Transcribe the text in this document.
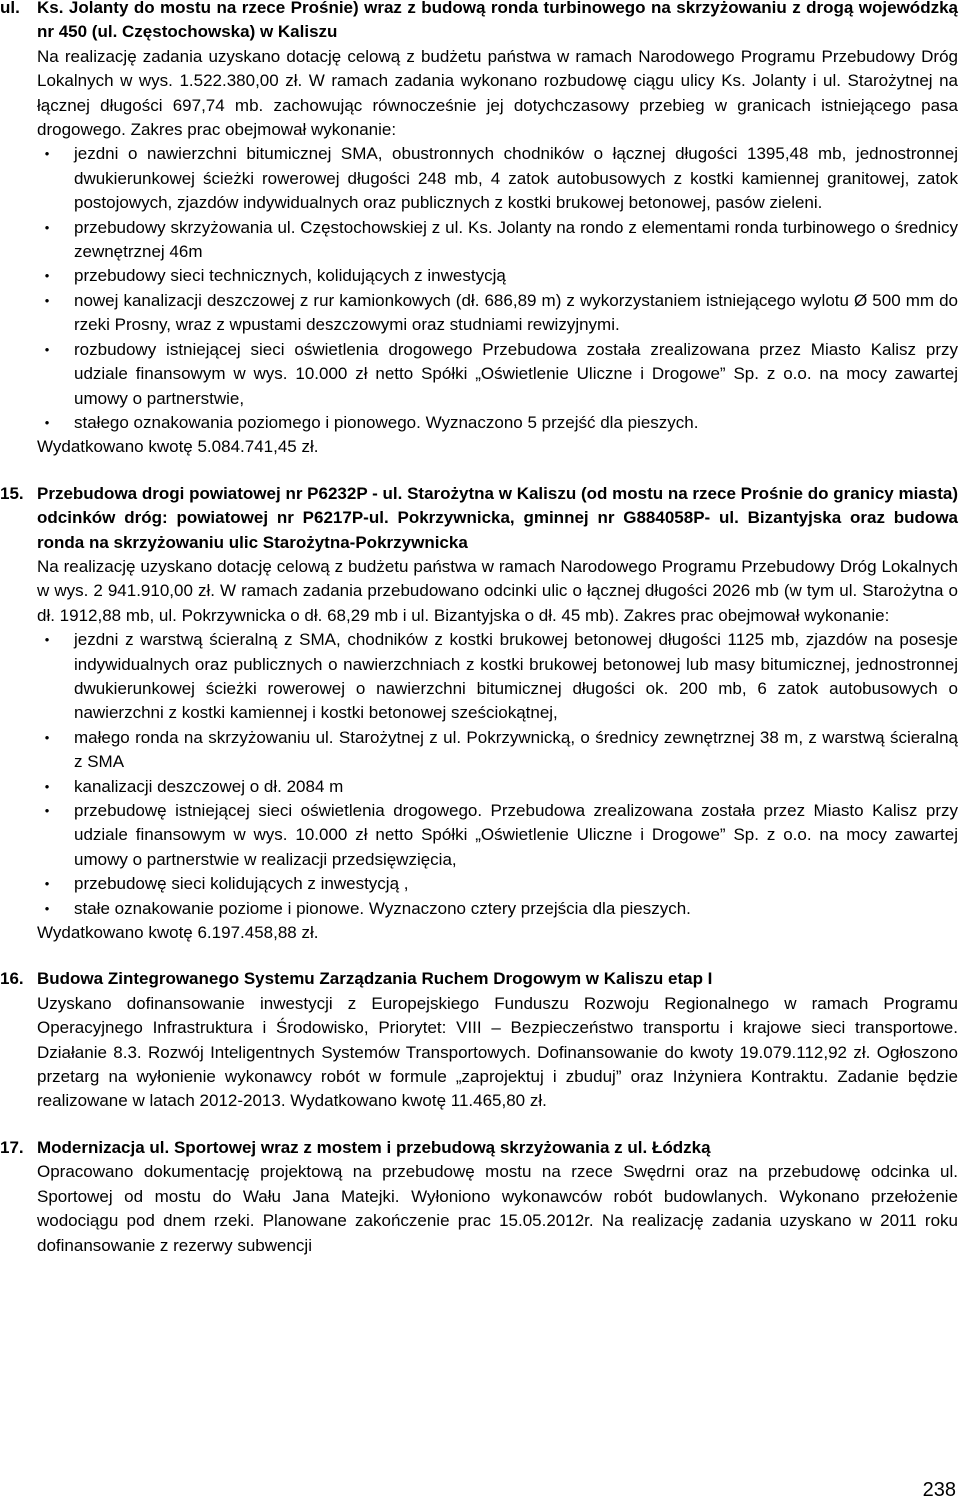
ul. Ks. Jolanty do mostu na rzece Prośnie) wraz z budową ronda turbinowego na skrzyżowaniu z drogą wojewódzką nr 450 (ul. Częstochowska) w Kaliszu

Na realizację zadania uzyskano dotację celową z budżetu państwa w ramach Narodowego Programu Przebudowy Dróg Lokalnych w wys. 1.522.380,00 zł. W ramach zadania wykonano rozbudowę ciągu ulicy Ks. Jolanty i ul. Starożytnej na łącznej długości 697,74 mb. zachowując równocześnie jej dotychczasowy przebieg w granicach istniejącego pasa drogowego. Zakres prac obejmował wykonanie:

•	jezdni o nawierzchni bitumicznej SMA, obustronnych chodników o łącznej długości 1395,48 mb, jednostronnej dwukierunkowej ścieżki rowerowej długości 248 mb, 4 zatok autobusowych z kostki kamiennej granitowej, zatok postojowych, zjazdów indywidualnych oraz publicznych z kostki brukowej betonowej, pasów zieleni.
•	przebudowy skrzyżowania ul. Częstochowskiej z ul. Ks. Jolanty na rondo z elementami ronda turbinowego o średnicy zewnętrznej 46m
•	przebudowy sieci technicznych, kolidujących z inwestycją
•	nowej kanalizacji deszczowej z rur kamionkowych (dł. 686,89 m) z wykorzystaniem istniejącego wylotu Ø 500 mm do rzeki Prosny, wraz z wpustami deszczowymi oraz studniami rewizyjnymi.
•	rozbudowy istniejącej sieci oświetlenia drogowego Przebudowa została zrealizowana przez Miasto Kalisz przy udziale finansowym w wys. 10.000 zł netto Spółki „Oświetlenie Uliczne i Drogowe” Sp. z o.o. na mocy zawartej umowy o partnerstwie,
•	stałego oznakowania poziomego i pionowego. Wyznaczono 5 przejść dla pieszych.

Wydatkowano kwotę 5.084.741,45 zł.

15. Przebudowa drogi powiatowej nr P6232P - ul. Starożytna w Kaliszu (od mostu na rzece Prośnie do granicy miasta) odcinków dróg: powiatowej nr P6217P-ul. Pokrzywnicka, gminnej nr G884058P- ul. Bizantyjska oraz budowa ronda na skrzyżowaniu ulic Starożytna-Pokrzywnicka

Na realizację uzyskano dotację celową z budżetu państwa w ramach Narodowego Programu Przebudowy Dróg Lokalnych w wys. 2 941.910,00 zł. W ramach zadania przebudowano odcinki ulic o łącznej długości 2026 mb (w tym ul. Starożytna o dł. 1912,88 mb, ul. Pokrzywnicka o dł. 68,29 mb i ul. Bizantyjska o dł. 45 mb). Zakres prac obejmował wykonanie:

•	jezdni z warstwą ścieralną z SMA, chodników z kostki brukowej betonowej długości 1125 mb, zjazdów na posesje indywidualnych oraz publicznych o nawierzchniach z kostki brukowej betonowej lub masy bitumicznej, jednostronnej dwukierunkowej ścieżki rowerowej o nawierzchni bitumicznej długości ok. 200 mb, 6 zatok autobusowych o nawierzchni z kostki kamiennej i kostki betonowej sześciokątnej,
•	małego ronda na skrzyżowaniu ul. Starożytnej z ul. Pokrzywnicką, o średnicy zewnętrznej 38 m, z warstwą ścieralną z SMA
•	kanalizacji deszczowej o dł. 2084 m
•	przebudowę istniejącej sieci oświetlenia drogowego. Przebudowa zrealizowana została przez Miasto Kalisz przy udziale finansowym w wys. 10.000 zł netto Spółki „Oświetlenie Uliczne i Drogowe” Sp. z o.o. na mocy zawartej umowy o partnerstwie w realizacji przedsięwzięcia,
•	przebudowę sieci kolidujących z inwestycją ,
•	stałe oznakowanie poziome i pionowe. Wyznaczono cztery przejścia dla pieszych.

Wydatkowano kwotę 6.197.458,88 zł.

16. Budowa Zintegrowanego Systemu Zarządzania Ruchem Drogowym w Kaliszu etap I

Uzyskano dofinansowanie inwestycji z Europejskiego Funduszu Rozwoju Regionalnego w ramach Programu Operacyjnego Infrastruktura i Środowisko, Priorytet: VIII – Bezpieczeństwo transportu i krajowe sieci transportowe. Działanie 8.3. Rozwój Inteligentnych Systemów Transportowych. Dofinansowanie do kwoty 19.079.112,92 zł. Ogłoszono przetarg na wyłonienie wykonawcy robót w formule „zaprojektuj i zbuduj” oraz Inżyniera Kontraktu. Zadanie będzie realizowane w latach 2012-2013. Wydatkowano kwotę 11.465,80 zł.

17. Modernizacja ul. Sportowej wraz z mostem i przebudową skrzyżowania z ul. Łódzką

Opracowano dokumentację projektową na przebudowę mostu na rzece Swędrni oraz na przebudowę odcinka ul. Sportowej od mostu do Wału Jana Matejki. Wyłoniono wykonawców robót budowlanych. Wykonano przełożenie wodociągu pod dnem rzeki. Planowane zakończenie prac 15.05.2012r. Na realizację zadania uzyskano w 2011 roku dofinansowanie z rezerwy subwencji

238
